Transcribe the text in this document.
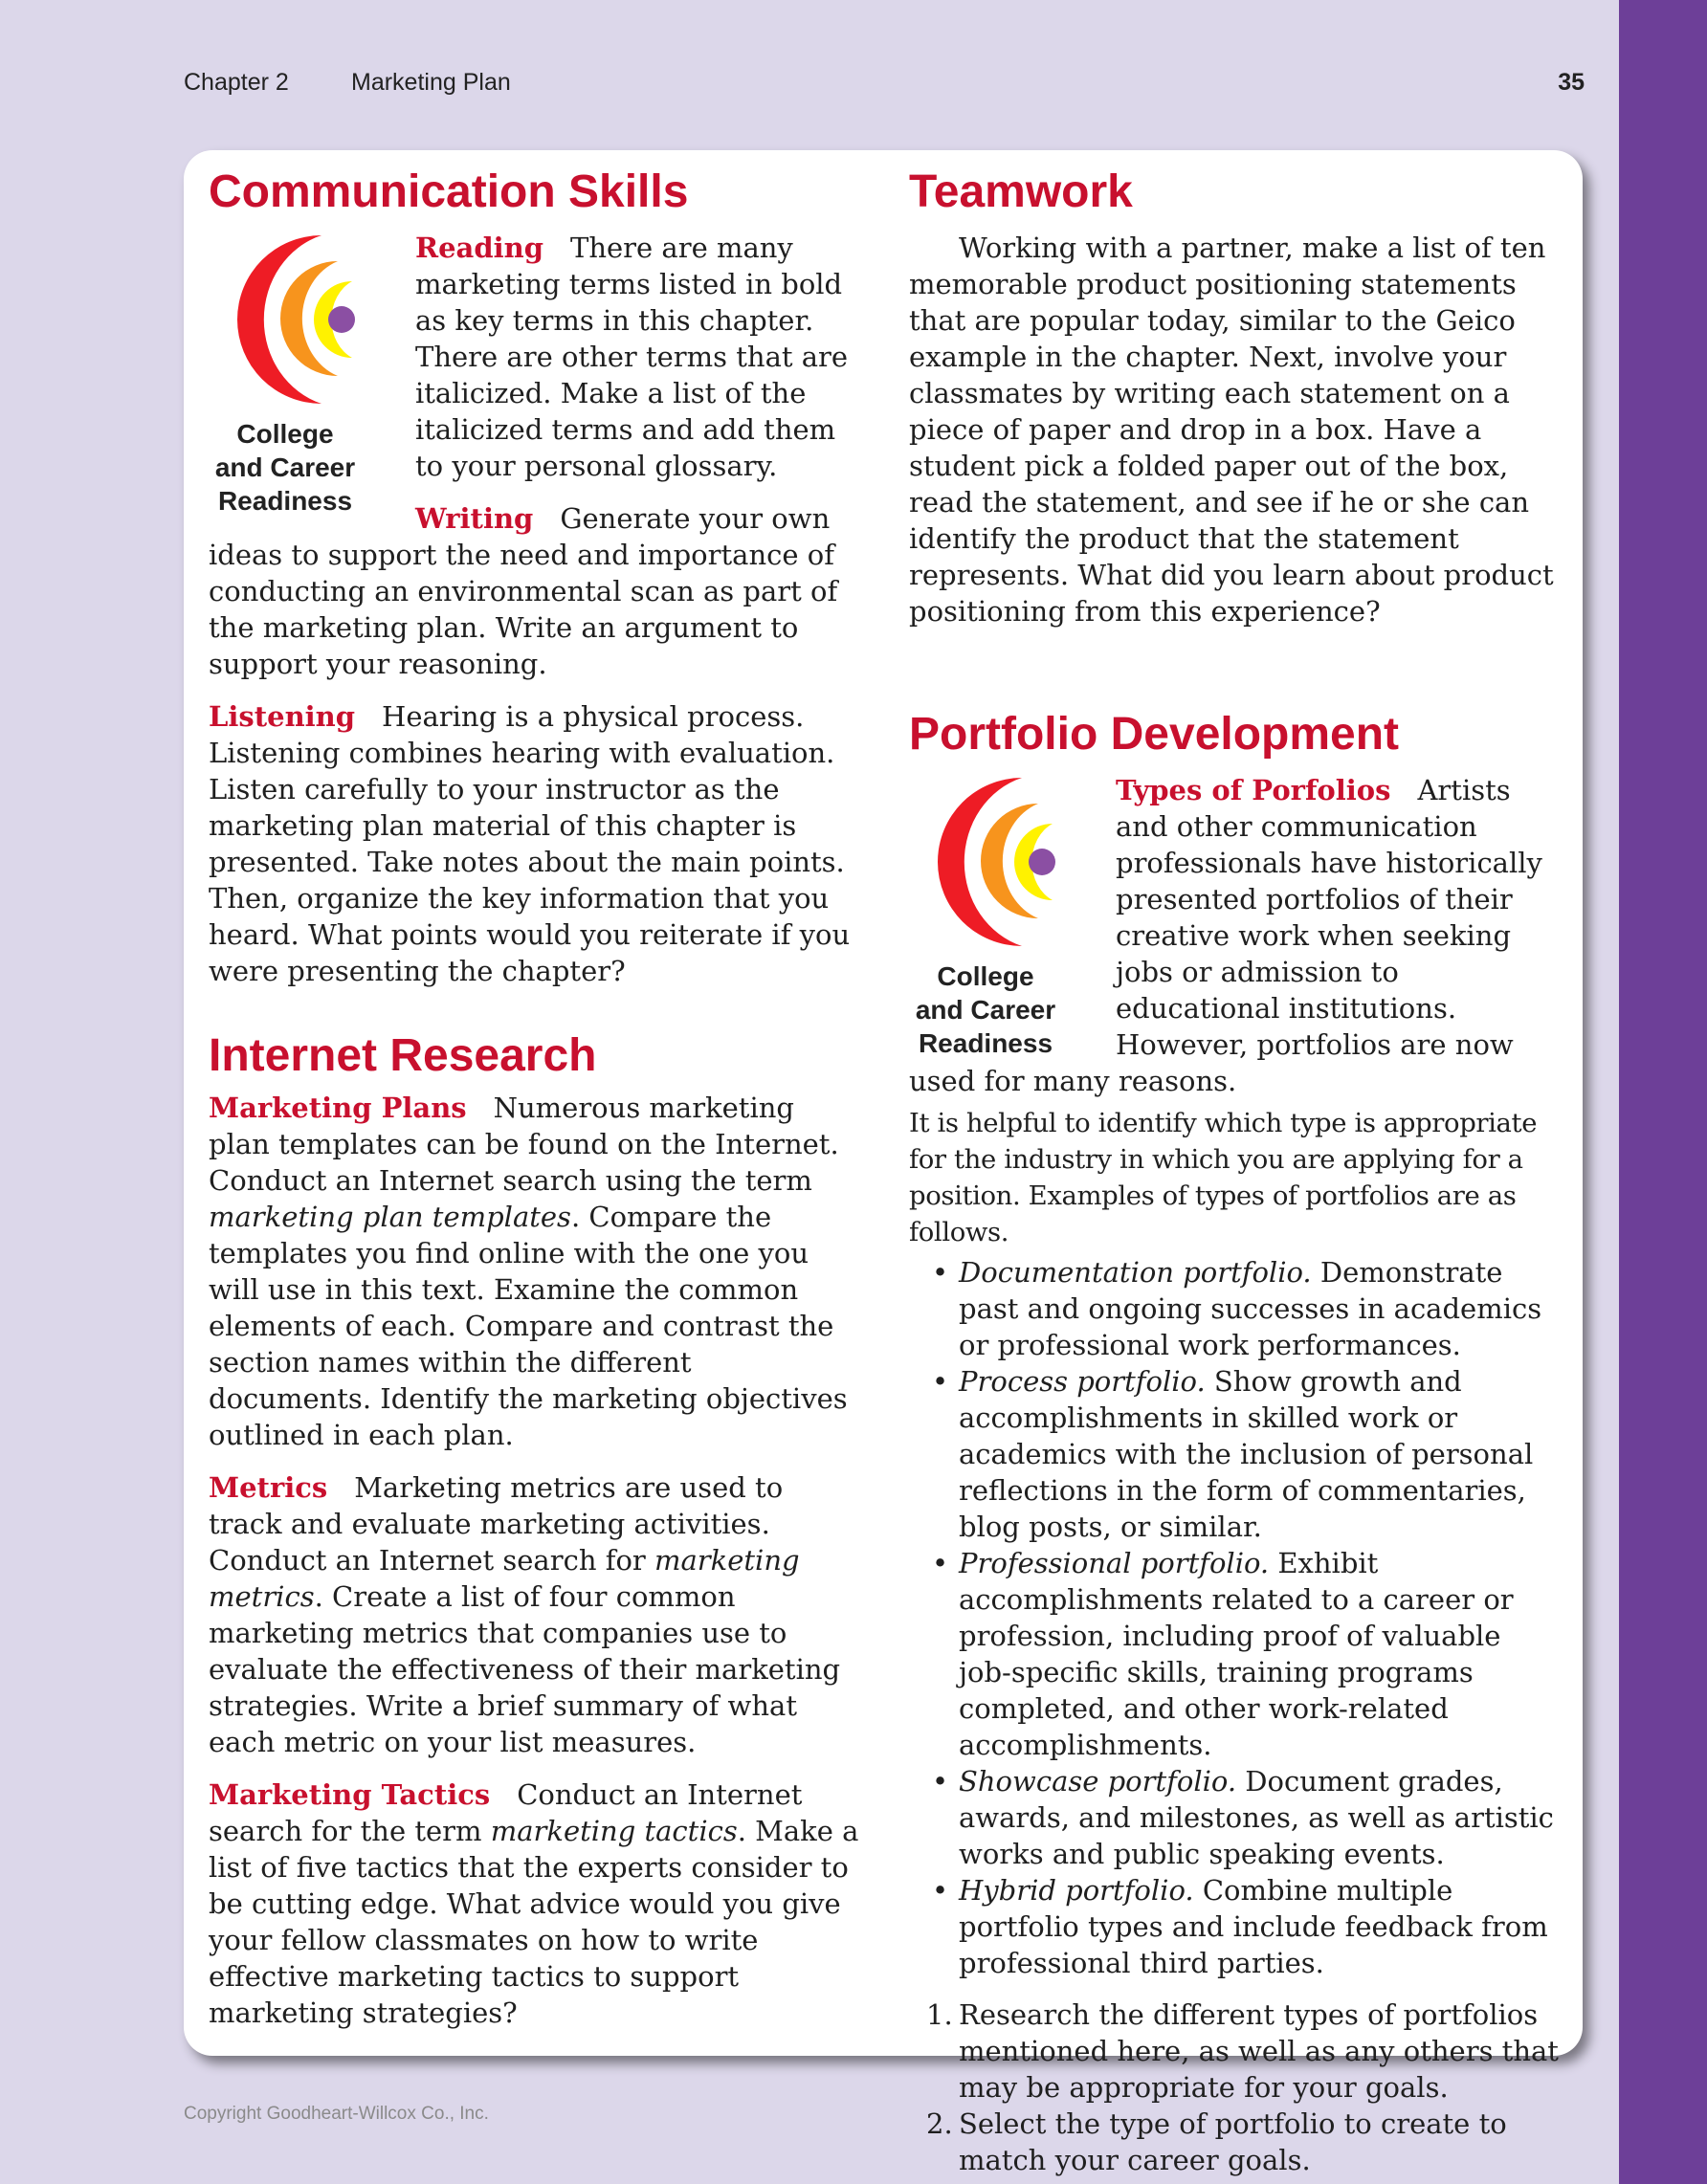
Chapter 2	Marketing Plan	35
Communication Skills
College
and Career
Readiness

Reading There are many marketing terms listed in bold as key terms in this chapter. There are other terms that are italicized. Make a list of the italicized terms and add them to your personal glossary.

Writing Generate your own ideas to support the need and importance of conducting an environmental scan as part of the marketing plan. Write an argument to support your reasoning.

Listening Hearing is a physical process. Listening combines hearing with evaluation. Listen carefully to your instructor as the marketing plan material of this chapter is presented. Take notes about the main points. Then, organize the key information that you heard. What points would you reiterate if you were presenting the chapter?

Internet Research

Marketing Plans Numerous marketing plan templates can be found on the Internet. Conduct an Internet search using the term marketing plan templates. Compare the templates you find online with the one you will use in this text. Examine the common elements of each. Compare and contrast the section names within the different documents. Identify the marketing objectives outlined in each plan.

Metrics Marketing metrics are used to track and evaluate marketing activities. Conduct an Internet search for marketing metrics. Create a list of four common marketing metrics that companies use to evaluate the effectiveness of their marketing strategies. Write a brief summary of what each metric on your list measures.

Marketing Tactics Conduct an Internet search for the term marketing tactics. Make a list of five tactics that the experts consider to be cutting edge. What advice would you give your fellow classmates on how to write effective marketing tactics to support marketing strategies?

Teamwork

Working with a partner, make a list of ten memorable product positioning statements that are popular today, similar to the Geico example in the chapter. Next, involve your classmates by writing each statement on a piece of paper and drop in a box. Have a student pick a folded paper out of the box, read the statement, and see if he or she can identify the product that the statement represents. What did you learn about product positioning from this experience?

Portfolio Development
College
and Career
Readiness

Types of Porfolios Artists and other communication professionals have historically presented portfolios of their creative work when seeking jobs or admission to educational institutions. However, portfolios are now used for many reasons.

It is helpful to identify which type is appropriate for the industry in which you are applying for a position. Examples of types of portfolios are as follows.

• Documentation portfolio. Demonstrate past and ongoing successes in academics or professional work performances.
• Process portfolio. Show growth and accomplishments in skilled work or academics with the inclusion of personal reflections in the form of commentaries, blog posts, or similar.
• Professional portfolio. Exhibit accomplishments related to a career or profession, including proof of valuable job-specific skills, training programs completed, and other work-related accomplishments.
• Showcase portfolio. Document grades, awards, and milestones, as well as artistic works and public speaking events.
• Hybrid portfolio. Combine multiple portfolio types and include feedback from professional third parties.
1. Research the different types of portfolios mentioned here, as well as any others that may be appropriate for your goals.
2. Select the type of portfolio to create to match your career goals.
Copyright Goodheart-Willcox Co., Inc.
